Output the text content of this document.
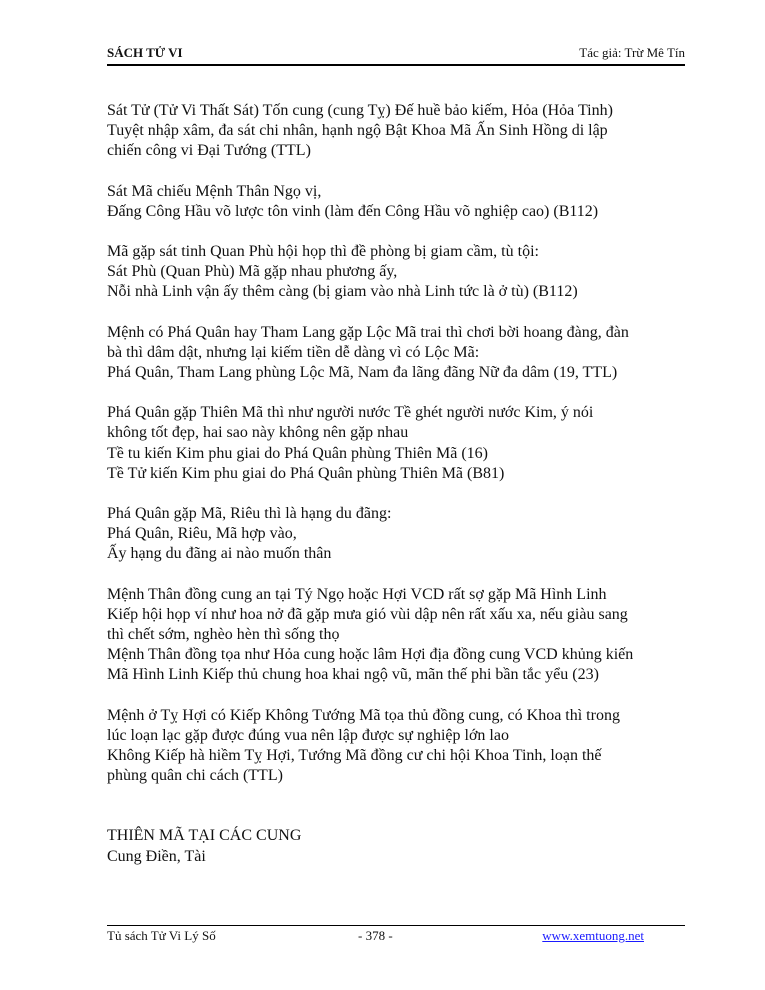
SÁCH TỬ VI	Tác giả: Trừ Mê Tín
Sát Tử (Tử Vi Thất Sát) Tốn cung (cung Tỵ) Đế huề bảo kiếm, Hỏa (Hỏa Tinh)
Tuyệt nhập xâm, đa sát chi nhân, hạnh ngộ Bật Khoa Mã Ấn Sinh Hồng di lập
chiến công vi Đại Tướng (TTL)
Sát Mã chiếu Mệnh Thân Ngọ vị,
Đấng Công Hầu võ lược tôn vinh (làm đến Công Hầu võ nghiệp cao) (B112)
Mã gặp sát tinh Quan Phù hội họp thì đề phòng bị giam cầm, tù tội:
Sát Phù (Quan Phù) Mã gặp nhau phương ấy,
Nỗi nhà Linh vận ấy thêm càng (bị giam vào nhà Linh tức là ở tù) (B112)
Mệnh có Phá Quân hay Tham Lang gặp Lộc Mã trai thì chơi bời hoang đàng, đàn
bà thì dâm dật, nhưng lại kiếm tiền dễ dàng vì có Lộc Mã:
Phá Quân, Tham Lang phùng Lộc Mã, Nam đa lãng đãng Nữ đa dâm (19, TTL)
Phá Quân gặp Thiên Mã thì như người nước Tề ghét người nước Kim, ý nói
không tốt đẹp, hai sao này không nên gặp nhau
Tề tu kiến Kim phu giai do Phá Quân phùng Thiên Mã (16)
Tề Tử kiến Kim phu giai do Phá Quân phùng Thiên Mã (B81)
Phá Quân gặp Mã, Riêu thì là hạng du đãng:
Phá Quân, Riêu, Mã hợp vào,
Ấy hạng du đãng ai nào muốn thân
Mệnh Thân đồng cung an tại Tý Ngọ hoặc Hợi VCD rất sợ gặp Mã Hình Linh
Kiếp hội họp ví như hoa nở đã gặp mưa gió vùi dập nên rất xấu xa, nếu giàu sang
thì chết sớm, nghèo hèn thì sống thọ
Mệnh Thân đồng tọa như Hỏa cung hoặc lâm Hợi địa đồng cung VCD khủng kiến
Mã Hình Linh Kiếp thủ chung hoa khai ngộ vũ, mãn thế phi bần tắc yểu (23)
Mệnh ở Tỵ Hợi có Kiếp Không Tướng Mã tọa thủ đồng cung, có Khoa thì trong
lúc loạn lạc gặp được đúng vua nên lập được sự nghiệp lớn lao
Không Kiếp hà hiềm Tỵ Hợi, Tướng Mã đồng cư chi hội Khoa Tinh, loạn thế
phùng quân chi cách (TTL)
THIÊN MÃ TẠI CÁC CUNG
Cung Điền, Tài
Tủ sách Tử Vi Lý Số	- 378 -	www.xemtuong.net
